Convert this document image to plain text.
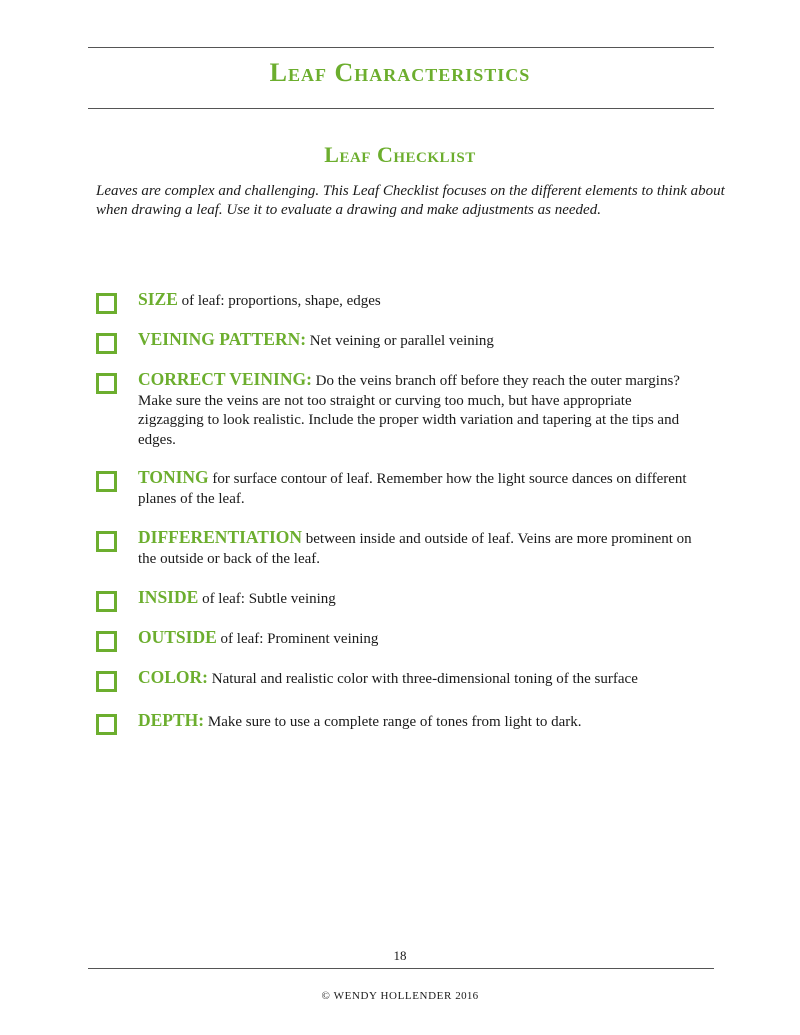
Leaf Characteristics
Leaf Checklist
Leaves are complex and challenging. This Leaf Checklist focuses on the different elements to think about when drawing a leaf. Use it to evaluate a drawing and make adjustments as needed.
SIZE of leaf: proportions, shape, edges
VEINING PATTERN: Net veining or parallel veining
CORRECT VEINING: Do the veins branch off before they reach the outer margins? Make sure the veins are not too straight or curving too much, but have appropriate zigzagging to look realistic. Include the proper width variation and tapering at the tips and edges.
TONING for surface contour of leaf. Remember how the light source dances on different planes of the leaf.
DIFFERENTIATION between inside and outside of leaf. Veins are more prominent on the outside or back of the leaf.
INSIDE of leaf: Subtle veining
OUTSIDE of leaf: Prominent veining
COLOR: Natural and realistic color with three-dimensional toning of the surface
DEPTH: Make sure to use a complete range of tones from light to dark.
18
© WENDY HOLLENDER 2016
